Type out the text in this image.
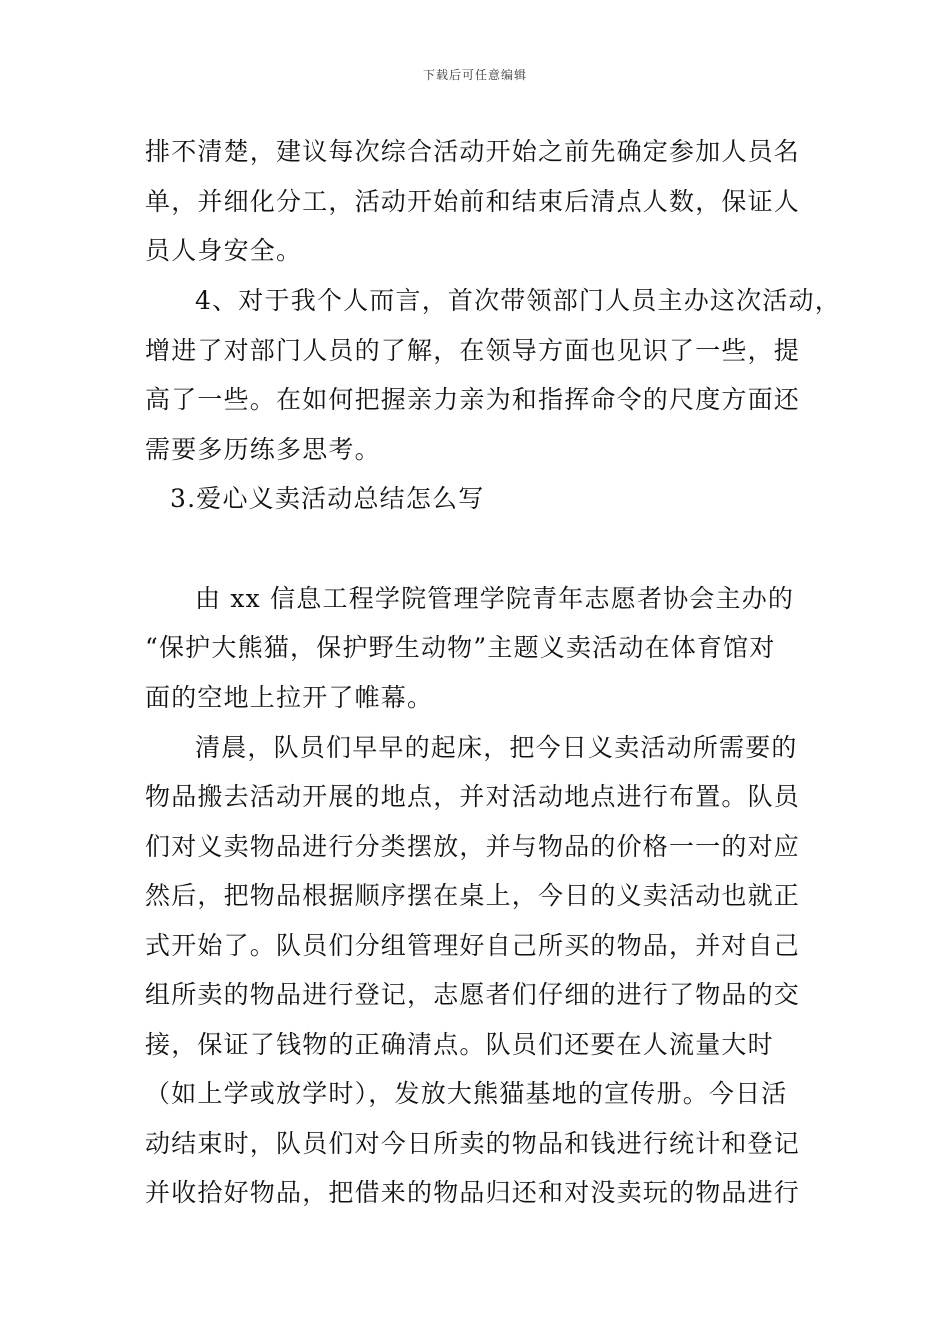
下载后可任意编辑
排不清楚，建议每次综合活动开始之前先确定参加人员名
单，并细化分工，活动开始前和结束后清点人数，保证人
员人身安全。
4、对于我个人而言，首次带领部门人员主办这次活动，
增进了对部门人员的了解，在领导方面也见识了一些，提
高了一些。在如何把握亲力亲为和指挥命令的尺度方面还
需要多历练多思考。
3.爱心义卖活动总结怎么写
由 xx 信息工程学院管理学院青年志愿者协会主办的
“保护大熊猫，保护野生动物”主题义卖活动在体育馆对
面的空地上拉开了帷幕。
清晨，队员们早早的起床，把今日义卖活动所需要的
物品搬去活动开展的地点，并对活动地点进行布置。队员
们对义卖物品进行分类摆放，并与物品的价格一一的对应
然后，把物品根据顺序摆在桌上，今日的义卖活动也就正
式开始了。队员们分组管理好自己所买的物品，并对自己
组所卖的物品进行登记，志愿者们仔细的进行了物品的交
接，保证了钱物的正确清点。队员们还要在人流量大时
（如上学或放学时），发放大熊猫基地的宣传册。今日活
动结束时，队员们对今日所卖的物品和钱进行统计和登记
并收拾好物品，把借来的物品归还和对没卖玩的物品进行
